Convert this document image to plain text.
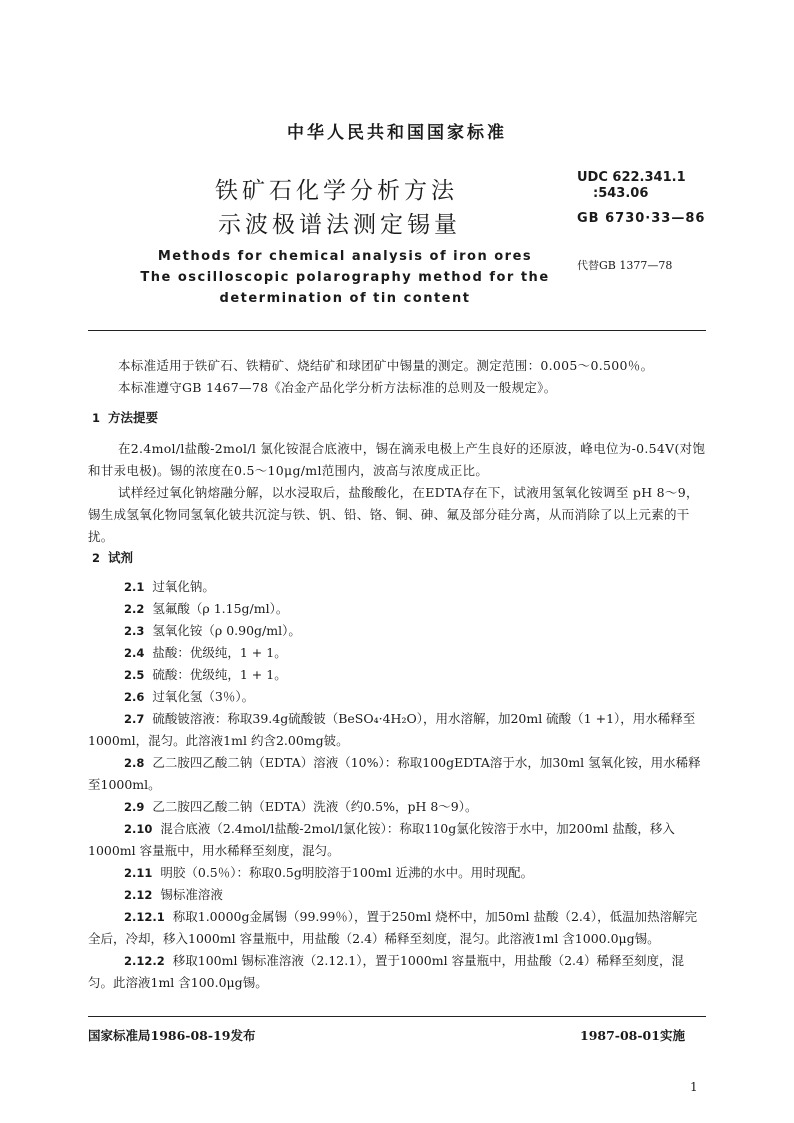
中华人民共和国国家标准
铁矿石化学分析方法
示波极谱法测定锡量
UDC 622.341.1
:543.06
GB 6730·33—86
Methods for chemical analysis of iron ores
The oscilloscopic polarography method for the
determination of tin content
代替GB 1377—78
本标准适用于铁矿石、铁精矿、烧结矿和球团矿中锡量的测定。测定范围：0.005～0.500％。
本标准遵守GB 1467—78《冶金产品化学分析方法标准的总则及一般规定》。
1 方法提要
在2.4mol/l盐酸-2mol/l 氯化铵混合底液中，锡在滴汞电极上产生良好的还原波，峰电位为-0.54V(对饱和甘汞电极)。锡的浓度在0.5～10μg/ml范围内，波高与浓度成正比。
试样经过氧化钠熔融分解，以水浸取后，盐酸酸化，在EDTA存在下，试液用氢氧化铵调至 pH 8～9，锡生成氢氧化物同氢氧化铍共沉淀与铁、钒、铅、铬、铜、砷、氟及部分硅分离，从而消除了以上元素的干扰。
2 试剂
2.1 过氧化钠。
2.2 氢氟酸（ρ 1.15g/ml）。
2.3 氢氧化铵（ρ 0.90g/ml）。
2.4 盐酸：优级纯，1 + 1。
2.5 硫酸：优级纯，1 + 1。
2.6 过氧化氢（3％）。
2.7 硫酸铍溶液：称取39.4g硫酸铍（BeSO₄·4H₂O），用水溶解，加20ml 硫酸（1 +1），用水稀释至1000ml，混匀。此溶液1ml 约含2.00mg铍。
2.8 乙二胺四乙酸二钠（EDTA）溶液（10%）：称取100gEDTA溶于水，加30ml 氢氧化铵，用水稀释至1000ml。
2.9 乙二胺四乙酸二钠（EDTA）洗液（约0.5%，pH 8～9）。
2.10 混合底液（2.4mol/l盐酸-2mol/l氯化铵）：称取110g氯化铵溶于水中，加200ml 盐酸，移入1000ml 容量瓶中，用水稀释至刻度，混匀。
2.11 明胶（0.5％）：称取0.5g明胶溶于100ml 近沸的水中。用时现配。
2.12 锡标准溶液
2.12.1 称取1.0000g金属锡（99.99％），置于250ml 烧杯中，加50ml 盐酸（2.4），低温加热溶解完全后，冷却，移入1000ml 容量瓶中，用盐酸（2.4）稀释至刻度，混匀。此溶液1ml 含1000.0μg锡。
2.12.2 移取100ml 锡标准溶液（2.12.1），置于1000ml 容量瓶中，用盐酸（2.4）稀释至刻度，混匀。此溶液1ml 含100.0μg锡。
国家标准局1986-08-19发布	1987-08-01实施
1
